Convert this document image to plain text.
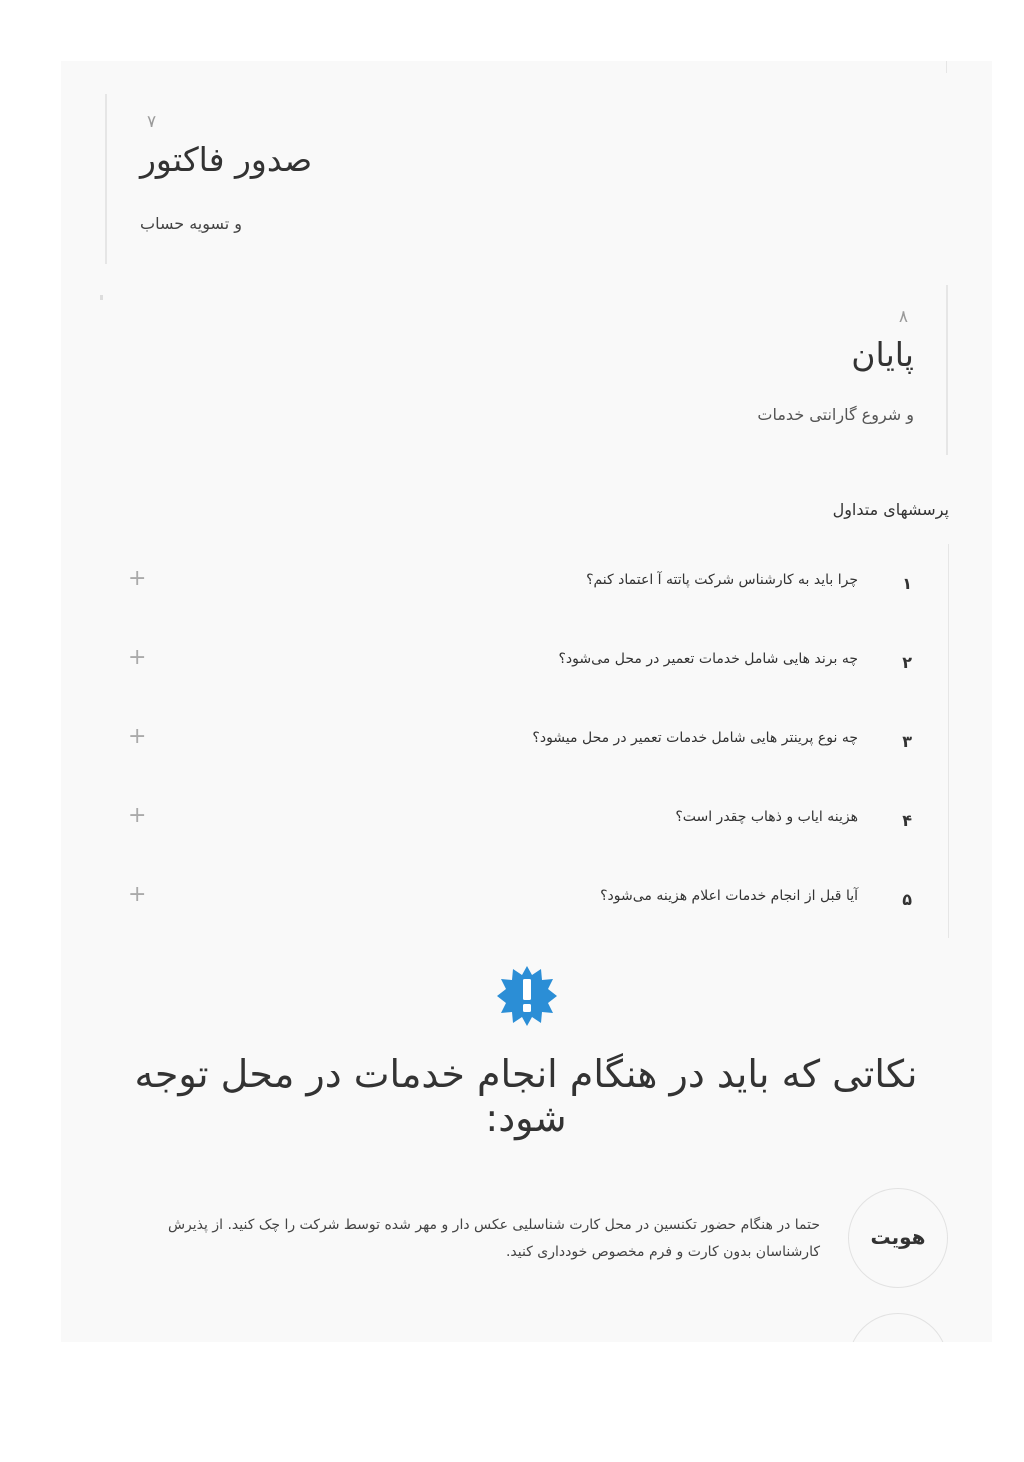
۷
صدور فاکتور
و تسویه حساب
۸
پایان
و شروع گارانتی خدمات
پرسشهای متداول
۱
چرا باید به کارشناس شرکت پاتته آ اعتماد کنم؟
+
۲
چه برند هایی شامل خدمات تعمیر در محل می‌شود؟
+
۳
چه نوع پرینتر هایی شامل خدمات تعمیر در محل میشود؟
+
۴
هزینه ایاب و ذهاب چقدر است؟
+
۵
آیا قبل از انجام خدمات اعلام هزینه می‌شود؟
+
نکاتی که باید در هنگام انجام خدمات در محل توجه شود:
هویت
حتما در هنگام حضور تکنسین در محل کارت شناسلیی عکس دار و مهر شده توسط شرکت را چک کنید. از پذیرش کارشناسان بدون کارت و فرم مخصوص خودداری کنید.
